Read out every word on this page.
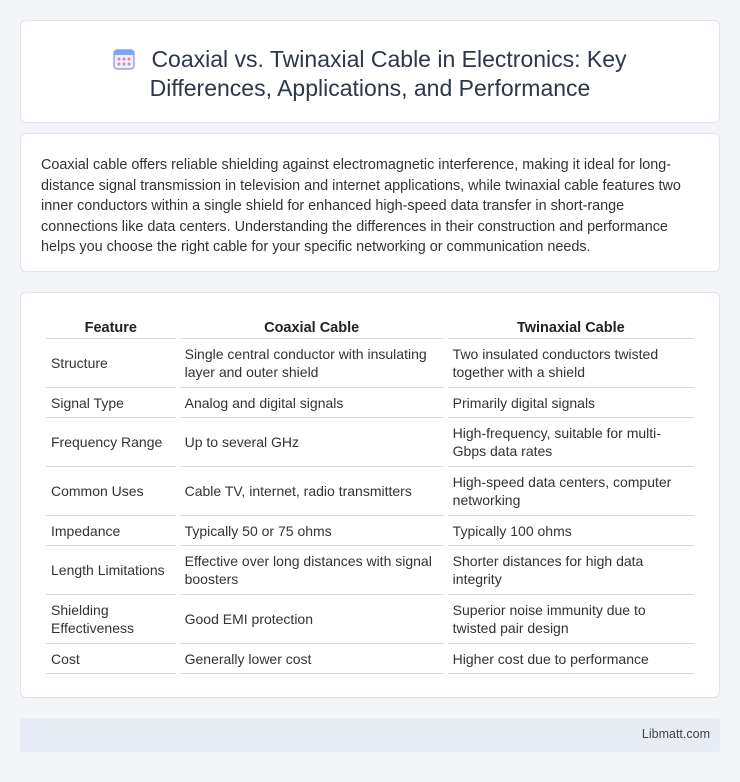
Coaxial vs. Twinaxial Cable in Electronics: Key Differences, Applications, and Performance

Coaxial cable offers reliable shielding against electromagnetic interference, making it ideal for long-distance signal transmission in television and internet applications, while twinaxial cable features two inner conductors within a single shield for enhanced high-speed data transfer in short-range connections like data centers. Understanding the differences in their construction and performance helps you choose the right cable for your specific networking or communication needs.

Feature	Coaxial Cable	Twinaxial Cable
Structure	Single central conductor with insulating layer and outer shield	Two insulated conductors twisted together with a shield
Signal Type	Analog and digital signals	Primarily digital signals
Frequency Range	Up to several GHz	High-frequency, suitable for multi-Gbps data rates
Common Uses	Cable TV, internet, radio transmitters	High-speed data centers, computer networking
Impedance	Typically 50 or 75 ohms	Typically 100 ohms
Length Limitations	Effective over long distances with signal boosters	Shorter distances for high data integrity
Shielding Effectiveness	Good EMI protection	Superior noise immunity due to twisted pair design
Cost	Generally lower cost	Higher cost due to performance
Libmatt.com
